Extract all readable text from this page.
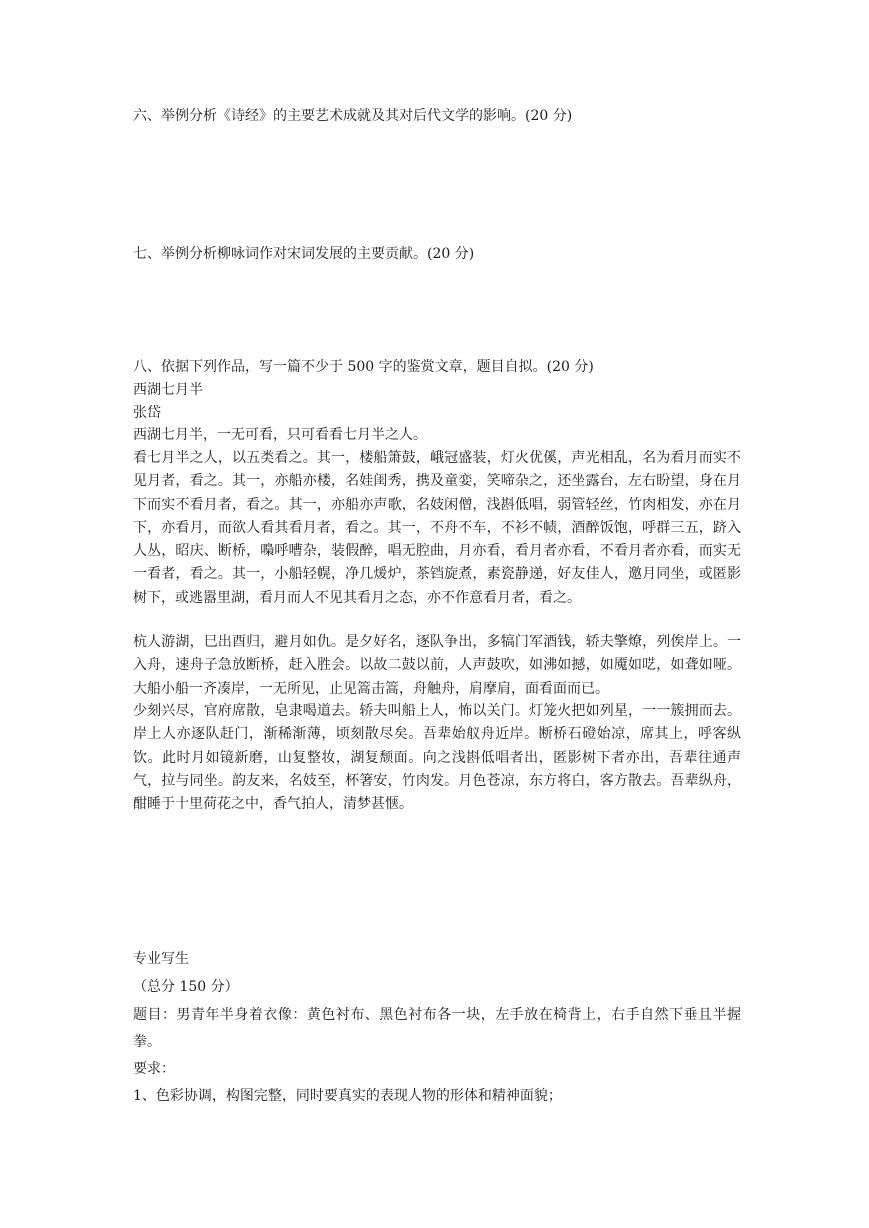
六、举例分析《诗经》的主要艺术成就及其对后代文学的影响。(20 分)
七、举例分析柳咏词作对宋词发展的主要贡献。(20 分)
八、依据下列作品，写一篇不少于 500 字的鉴赏文章，题目自拟。(20 分)
西湖七月半
张岱
西湖七月半，一无可看，只可看看七月半之人。
看七月半之人，以五类看之。其一，楼船箫鼓，峨冠盛装，灯火优傒，声光相乱，名为看月而实不见月者，看之。其一，亦船亦楼，名娃闺秀，携及童娈，笑啼杂之，还坐露台，左右盼望，身在月下而实不看月者，看之。其一，亦船亦声歌，名妓闲僧，浅斟低唱，弱管轻丝，竹肉相发，亦在月下，亦看月，而欲人看其看月者，看之。其一，不舟不车，不衫不帻，酒醉饭饱，呼群三五，跻入人丛，昭庆、断桥，嘄呼嘈杂，装假醉，唱无腔曲，月亦看，看月者亦看，不看月者亦看，而实无一看者，看之。其一，小船轻幌，净几煖炉，茶铛旋煮，素瓷静递，好友佳人，邀月同坐，或匿影树下，或逃嚣里湖，看月而人不见其看月之态，亦不作意看月者，看之。
杭人游湖，巳出酉归，避月如仇。是夕好名，逐队争出，多犒门军酒钱，轿夫擎燎，列俟岸上。一入舟，速舟子急放断桥，赶入胜会。以故二鼓以前，人声鼓吹，如沸如撼，如魇如呓，如聋如哑。大船小船一齐凑岸，一无所见，止见篙击篙，舟触舟，肩摩肩，面看面而已。
少刻兴尽，官府席散，皂隶喝道去。轿夫叫船上人，怖以关门。灯笼火把如列星，一一簇拥而去。岸上人亦逐队赶门，渐稀渐薄，顷刻散尽矣。吾辈始舣舟近岸。断桥石磴始凉，席其上，呼客纵饮。此时月如镜新磨，山复整妆，湖复颓面。向之浅斟低唱者出，匿影树下者亦出，吾辈往通声气，拉与同坐。韵友来，名妓至，杯箸安，竹肉发。月色苍凉，东方将白，客方散去。吾辈纵舟，酣睡于十里荷花之中，香气拍人，清梦甚惬。
专业写生
（总分 150 分）
题目：男青年半身着衣像：黄色衬布、黑色衬布各一块，左手放在椅背上，右手自然下垂且半握拳。
要求：
1、色彩协调，构图完整，同时要真实的表现人物的形体和精神面貌；
